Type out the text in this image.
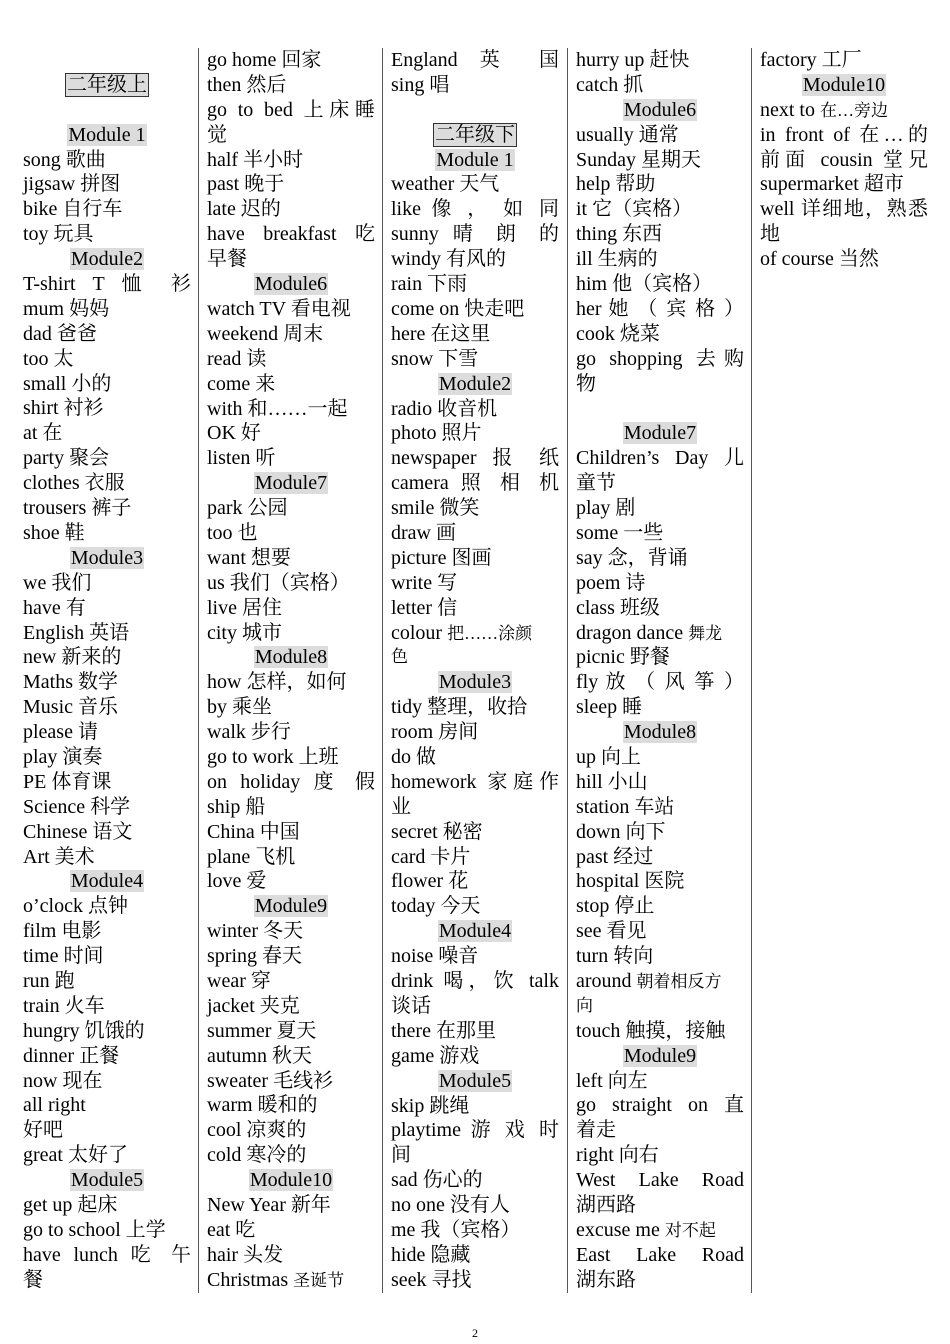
二年级上
Module 1
song 歌曲
jigsaw 拼图
bike 自行车
toy 玩具
Module2
T-shirt T 恤 衫
mum 妈妈
dad 爸爸
too 太
small 小的
shirt 衬衫
at 在
party 聚会
clothes 衣服
trousers 裤子
shoe 鞋
Module3
we 我们
have 有
English 英语
new 新来的
Maths 数学
Music 音乐
please 请
play 演奏
PE 体育课
Science 科学
Chinese 语文
Art 美术
Module4
o’clock 点钟
film 电影
time 时间
run 跑
train 火车
hungry 饥饿的
dinner 正餐
now 现在
all right
好吧
great 太好了
Module5
get up 起床
go to school 上学
have lunch 吃 午
餐
go home 回家
then 然后
go to bed 上床睡
觉
half 半小时
past 晚于
late 迟的
have breakfast 吃
早餐
Module6
watch TV 看电视
weekend 周末
read 读
come 来
with 和……一起
OK 好
listen 听
Module7
park 公园
too 也
want 想要
us 我们（宾格）
live 居住
city 城市
Module8
how 怎样，如何
by 乘坐
walk 步行
go to work 上班
on holiday 度 假
ship 船
China 中国
plane 飞机
love 爱
Module9
winter 冬天
spring 春天
wear 穿
jacket 夹克
summer 夏天
autumn 秋天
sweater 毛线衫
warm 暖和的
cool 凉爽的
cold 寒冷的
Module10
New Year 新年
eat 吃
hair 头发
Christmas 圣诞节
England 英 国
sing 唱
二年级下
Module 1
weather 天气
like 像 ， 如 同
sunny 晴 朗 的
windy 有风的
rain 下雨
come on 快走吧
here 在这里
snow 下雪
Module2
radio 收音机
photo 照片
newspaper 报 纸
camera 照 相 机
smile 微笑
draw 画
picture 图画
write 写
letter 信
colour 把……涂颜
色
Module3
tidy 整理，收拾
room 房间
do 做
homework 家庭作
业
secret 秘密
card 卡片
flower 花
today 今天
Module4
noise 噪音
drink 喝，饮 talk
谈话
there 在那里
game 游戏
Module5
skip 跳绳
playtime 游 戏 时
间
sad 伤心的
no one 没有人
me 我（宾格）
hide 隐藏
seek 寻找
hurry up 赶快
catch 抓
Module6
usually 通常
Sunday 星期天
help 帮助
it 它（宾格）
thing 东西
ill 生病的
him 他（宾格）
her 她 （ 宾 格 ）
cook 烧菜
go shopping 去购
物
Module7
Children’s Day 儿
童节
play 剧
some 一些
say 念，背诵
poem 诗
class 班级
dragon dance 舞龙
picnic 野餐
fly 放 （ 风 筝 ）
sleep 睡
Module8
up 向上
hill 小山
station 车站
down 向下
past 经过
hospital 医院
stop 停止
see 看见
turn 转向
around 朝着相反方
向
touch 触摸，接触
Module9
left 向左
go straight on 直
着走
right 向右
West Lake Road
湖西路
excuse me 对不起
East Lake Road
湖东路
factory 工厂
Module10
next to 在…旁边
in front of 在…的
前面 cousin 堂兄
supermarket 超市
well 详细地，熟悉
地
of course 当然
2
